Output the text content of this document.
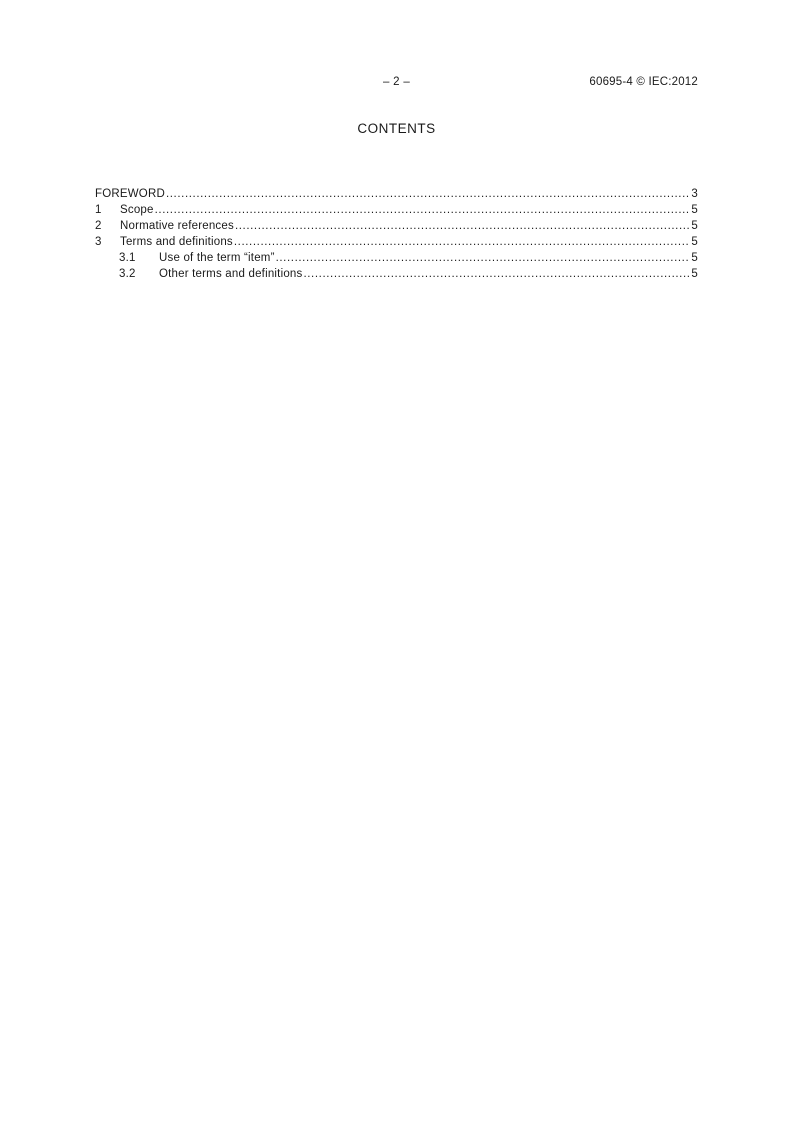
– 2 –	60695-4 © IEC:2012
CONTENTS
FOREWORD .....	3
1	Scope .....	5
2	Normative references .....	5
3	Terms and definitions .....	5
3.1	Use of the term “item” .....	5
3.2	Other terms and definitions .....	5
